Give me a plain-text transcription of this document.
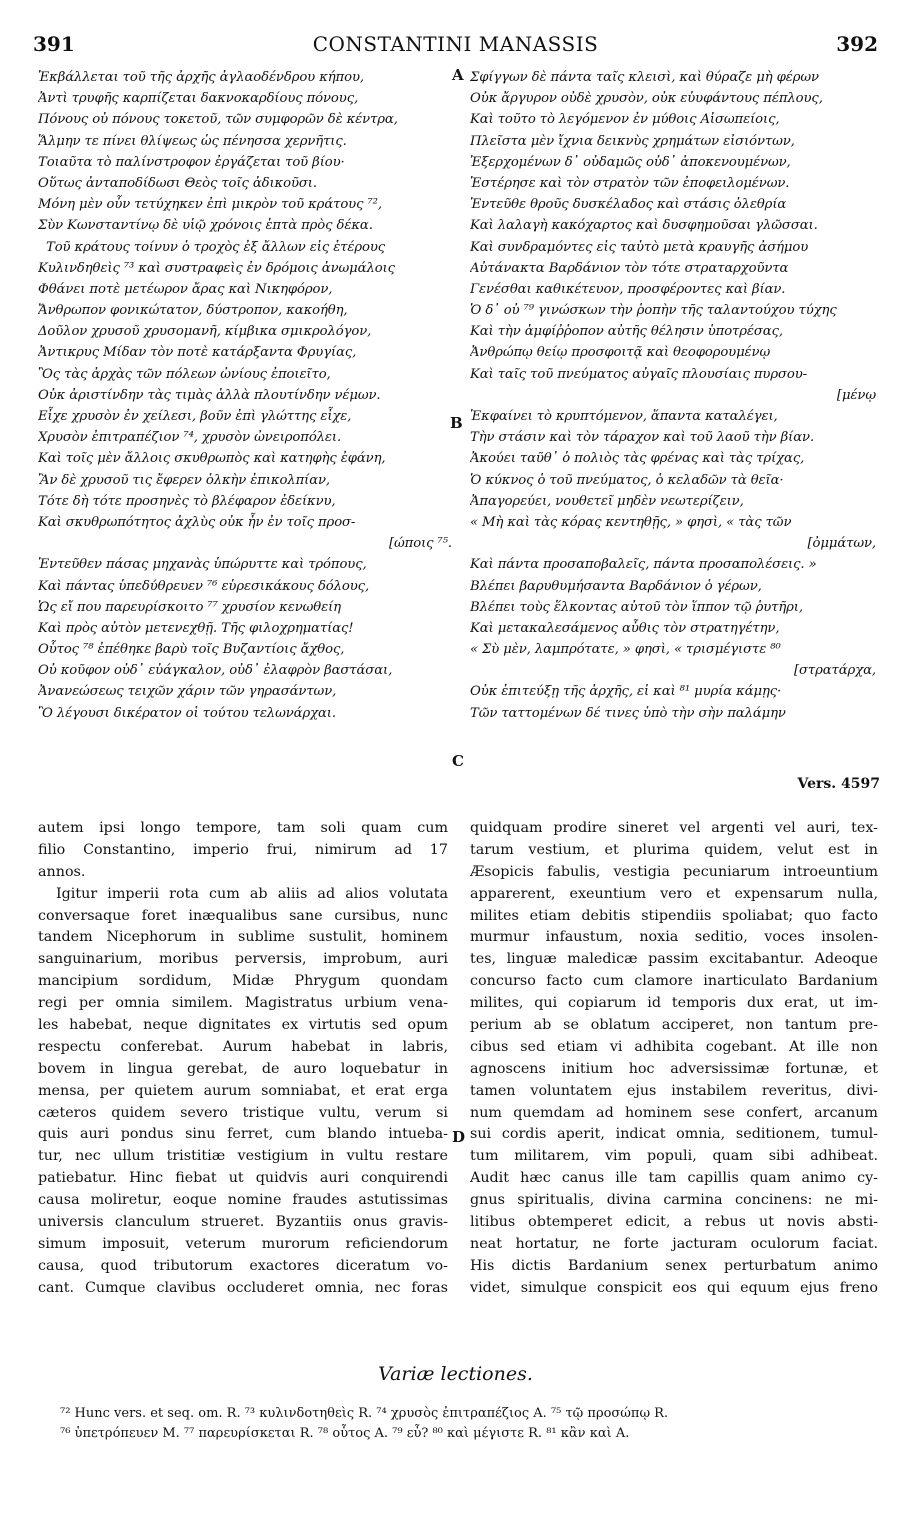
391	CONSTANTINI MANASSIS	392
Ἐκβάλλεται τοῦ τῆς ἀρχῆς ἀγλαοδένδρου κήπου,
Ἀντὶ τρυφῆς καρπίζεται δακνοκαρδίους πόνους,
Πόνους οὐ πόνους τοκετοῦ, τῶν συμφορῶν δὲ κέντρα,
Ἅλμην τε πίνει θλίψεως ὡς πένησσα χερνῆτις.
Τοιαῦτα τὸ παλίνστροφον ἐργάζεται τοῦ βίου·
Οὕτως ἀνταποδίδωσι Θεὸς τοῖς ἀδικοῦσι.
Μόνη μὲν οὖν τετύχηκεν ἐπὶ μικρὸν τοῦ κράτους ⁷²,
Σὺν Κωνσταντίνῳ δὲ υἱῷ χρόνοις ἑπτὰ πρὸς δέκα.
Τοῦ κράτους τοίνυν ὁ τροχὸς ἐξ ἄλλων εἰς ἑτέρους
Κυλινδηθεὶς ⁷³ καὶ συστραφεὶς ἐν δρόμοις ἀνωμάλοις
Φθάνει ποτὲ μετέωρον ἄρας καὶ Νικηφόρον,
Ἄνθρωπον φονικώτατον, δύστροπον, κακοήθη,
Δοῦλον χρυσοῦ χρυσομανῆ, κίμβικα σμικρολόγον,
Ἀντικρυς Μίδαν τὸν ποτὲ κατάρξαντα Φρυγίας,
Ὃς τὰς ἀρχὰς τῶν πόλεων ὠνίους ἐποιεῖτο,
Οὐκ ἀριστίνδην τὰς τιμὰς ἀλλὰ πλουτίνδην νέμων.
Εἶχε χρυσὸν ἐν χείλεσι, βοῦν ἐπὶ γλώττης εἶχε,
Χρυσὸν ἐπιτραπέζιον ⁷⁴, χρυσὸν ὠνειροπόλει.
Καὶ τοῖς μὲν ἄλλοις σκυθρωπὸς καὶ κατηφὴς ἐφάνη,
Ἂν δὲ χρυσοῦ τις ἔφερεν ὁλκὴν ἐπικολπίαν,
Τότε δὴ τότε προσηνὲς τὸ βλέφαρον ἐδείκνυ,
Καὶ σκυθρωπότητος ἀχλὺς οὐκ ἦν ἐν τοῖς προσ-
[ώποις ⁷⁵.
Ἐντεῦθεν πάσας μηχανὰς ὑπώρυττε καὶ τρόπους,
Καὶ πάντας ὑπεδύθρευεν ⁷⁶ εὑρεσικάκους δόλους,
Ὡς εἴ που παρευρίσκοιτο ⁷⁷ χρυσίον κενωθείη
Καὶ πρὸς αὐτὸν μετενεχθῇ. Τῆς φιλοχρηματίας!
Οὗτος ⁷⁸ ἐπέθηκε βαρὺ τοῖς Βυζαντίοις ἄχθος,
Οὐ κοῦφον οὐδ᾿ εὐάγκαλον, οὐδ᾿ ἐλαφρὸν βαστάσαι,
Ἀνανεώσεως τειχῶν χάριν τῶν γηρασάντων,
Ὃ λέγουσι δικέρατον οἱ τούτου τελωνάρχαι.
Σφίγγων δὲ πάντα ταῖς κλεισὶ, καὶ θύραζε μὴ φέρων
Οὐκ ἄργυρον οὐδὲ χρυσὸν, οὐκ εὐυφάντους πέπλους,
Καὶ τοῦτο τὸ λεγόμενον ἐν μύθοις Αἰσωπείοις,
Πλεῖστα μὲν ἴχνια δεικνὺς χρημάτων εἰσιόντων,
Ἐξερχομένων δ᾿ οὐδαμῶς οὐδ᾿ ἀποκενουμένων,
Ἐστέρησε καὶ τὸν στρατὸν τῶν ἐποφειλομένων.
Ἐντεῦθε θροῦς δυσκέλαδος καὶ στάσις ὀλεθρία
Καὶ λαλαγὴ κακόχαρτος καὶ δυσφημοῦσαι γλῶσσαι.
Καὶ συνδραμόντες εἰς ταὐτὸ μετὰ κραυγῆς ἀσήμου
Αὐτάνακτα Βαρδάνιον τὸν τότε στραταρχοῦντα
Γενέσθαι καθικέτευον, προσφέροντες καὶ βίαν.
Ὁ δ᾿ οὐ ⁷⁹ γινώσκων τὴν ῥοπὴν τῆς ταλαντούχου τύχης
Καὶ τὴν ἀμφίῤῥοπον αὐτῆς θέλησιν ὑποτρέσας,
Ἀνθρώπῳ θείῳ προσφοιτᾷ καὶ θεοφορουμένῳ
Καὶ ταῖς τοῦ πνεύματος αὐγαῖς πλουσίαις πυρσου-
[μένῳ
Ἐκφαίνει τὸ κρυπτόμενον, ἅπαντα καταλέγει,
Τὴν στάσιν καὶ τὸν τάραχον καὶ τοῦ λαοῦ τὴν βίαν.
Ἀκούει ταῦθ᾿ ὁ πολιὸς τὰς φρένας καὶ τὰς τρίχας,
Ὁ κύκνος ὁ τοῦ πνεύματος, ὁ κελαδῶν τὰ θεῖα·
Ἀπαγορεύει, νουθετεῖ μηδὲν νεωτερίζειν,
« Μὴ καὶ τὰς κόρας κεντηθῇς, » φησὶ, « τὰς τῶν
[ὀμμάτων,
Καὶ πάντα προσαποβαλεῖς, πάντα προσαπολέσεις. »
Βλέπει βαρυθυμήσαντα Βαρδάνιον ὁ γέρων,
Βλέπει τοὺς ἕλκοντας αὐτοῦ τὸν ἵππον τῷ ῥυτῆρι,
Καὶ μετακαλεσάμενος αὖθις τὸν στρατηγέτην,
« Σὺ μὲν, λαμπρότατε, » φησὶ, « τρισμέγιστε ⁸⁰
[στρατάρχα,
Οὐκ ἐπιτεύξῃ τῆς ἀρχῆς, εἰ καὶ ⁸¹ μυρία κάμῃς·
Τῶν ταττομένων δέ τινες ὑπὸ τὴν σὴν παλάμην
A
B
C
D
Vers. 4597
autem ipsi longo tempore, tam soli quam cum
filio Constantino, imperio frui, nimirum ad 17
annos.
Igitur imperii rota cum ab aliis ad alios volutata
conversaque foret inæqualibus sane cursibus, nunc
tandem Nicephorum in sublime sustulit, hominem
sanguinarium, moribus perversis, improbum, auri
mancipium sordidum, Midæ Phrygum quondam
regi per omnia similem. Magistratus urbium vena-
les habebat, neque dignitates ex virtutis sed opum
respectu conferebat. Aurum habebat in labris,
bovem in lingua gerebat, de auro loquebatur in
mensa, per quietem aurum somniabat, et erat erga
cæteros quidem severo tristique vultu, verum si
quis auri pondus sinu ferret, cum blando intueba-
tur, nec ullum tristitiæ vestigium in vultu restare
patiebatur. Hinc fiebat ut quidvis auri conquirendi
causa moliretur, eoque nomine fraudes astutissimas
universis clanculum strueret. Byzantiis onus gravis-
simum imposuit, veterum murorum reficiendorum
causa, quod tributorum exactores diceratum vo-
cant. Cumque clavibus occluderet omnia, nec foras
quidquam prodire sineret vel argenti vel auri, tex-
tarum vestium, et plurima quidem, velut est in
Æsopicis fabulis, vestigia pecuniarum introeuntium
apparerent, exeuntium vero et expensarum nulla,
milites etiam debitis stipendiis spoliabat; quo facto
murmur infaustum, noxia seditio, voces insolen-
tes, linguæ maledicæ passim excitabantur. Adeoque
concurso facto cum clamore inarticulato Bardanium
milites, qui copiarum id temporis dux erat, ut im-
perium ab se oblatum acciperet, non tantum pre-
cibus sed etiam vi adhibita cogebant. At ille non
agnoscens initium hoc adversissimæ fortunæ, et
tamen voluntatem ejus instabilem reveritus, divi-
num quemdam ad hominem sese confert, arcanum
sui cordis aperit, indicat omnia, seditionem, tumul-
tum militarem, vim populi, quam sibi adhibeat.
Audit hæc canus ille tam capillis quam animo cy-
gnus spiritualis, divina carmina concinens: ne mi-
litibus obtemperet edicit, a rebus ut novis absti-
neat hortatur, ne forte jacturam oculorum faciat.
His dictis Bardanium senex perturbatum animo
videt, simulque conspicit eos qui equum ejus freno
Variæ lectiones.
⁷² Hunc vers. et seq. om. R. ⁷³ κυλινδοτηθεὶς R. ⁷⁴ χρυσὸς ἐπιτραπέζιος A. ⁷⁵ τῷ προσώπῳ R.
⁷⁶ ὑπετρόπευεν M. ⁷⁷ παρευρίσκεται R. ⁷⁸ οὗτος A. ⁷⁹ εὖ? ⁸⁰ καὶ μέγιστε R. ⁸¹ κἂν καὶ A.
